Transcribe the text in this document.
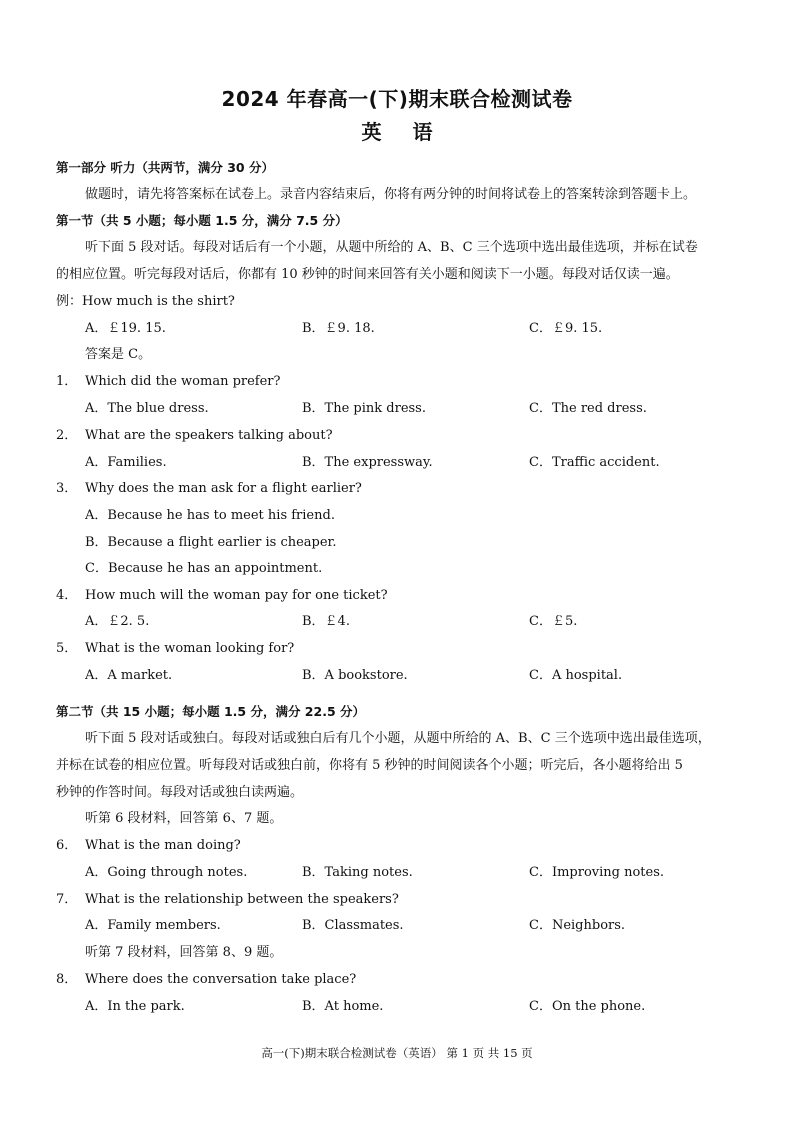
2024 年春高一(下)期末联合检测试卷
英 语
第一部分 听力（共两节，满分 30 分）
做题时，请先将答案标在试卷上。录音内容结束后，你将有两分钟的时间将试卷上的答案转涂到答题卡上。
第一节（共 5 小题；每小题 1.5 分，满分 7.5 分）
听下面 5 段对话。每段对话后有一个小题，从题中所给的 A、B、C 三个选项中选出最佳选项，并标在试卷
的相应位置。听完每段对话后，你都有 10 秒钟的时间来回答有关小题和阅读下一小题。每段对话仅读一遍。
例：How much is the shirt?
A．￡19. 15.	B．￡9. 18.	C．￡9. 15.
答案是 C。
1． Which did the woman prefer?
A．The blue dress.	B．The pink dress.	C．The red dress.
2． What are the speakers talking about?
A．Families.	B．The expressway.	C．Traffic accident.
3． Why does the man ask for a flight earlier?
A．Because he has to meet his friend.
B．Because a flight earlier is cheaper.
C．Because he has an appointment.
4． How much will the woman pay for one ticket?
A．￡2. 5.	B．￡4.	C．￡5.
5． What is the woman looking for?
A．A market.	B．A bookstore.	C．A hospital.
第二节（共 15 小题；每小题 1.5 分，满分 22.5 分）
听下面 5 段对话或独白。每段对话或独白后有几个小题，从题中所给的 A、B、C 三个选项中选出最佳选项，
并标在试卷的相应位置。听每段对话或独白前，你将有 5 秒钟的时间阅读各个小题；听完后，各小题将给出 5
秒钟的作答时间。每段对话或独白读两遍。
听第 6 段材料，回答第 6、7 题。
6． What is the man doing?
A．Going through notes.	B．Taking notes.	C．Improving notes.
7． What is the relationship between the speakers?
A．Family members.	B．Classmates.	C．Neighbors.
听第 7 段材料，回答第 8、9 题。
8． Where does the conversation take place?
A．In the park.	B．At home.	C．On the phone.
高一(下)期末联合检测试卷（英语） 第 1 页 共 15 页
